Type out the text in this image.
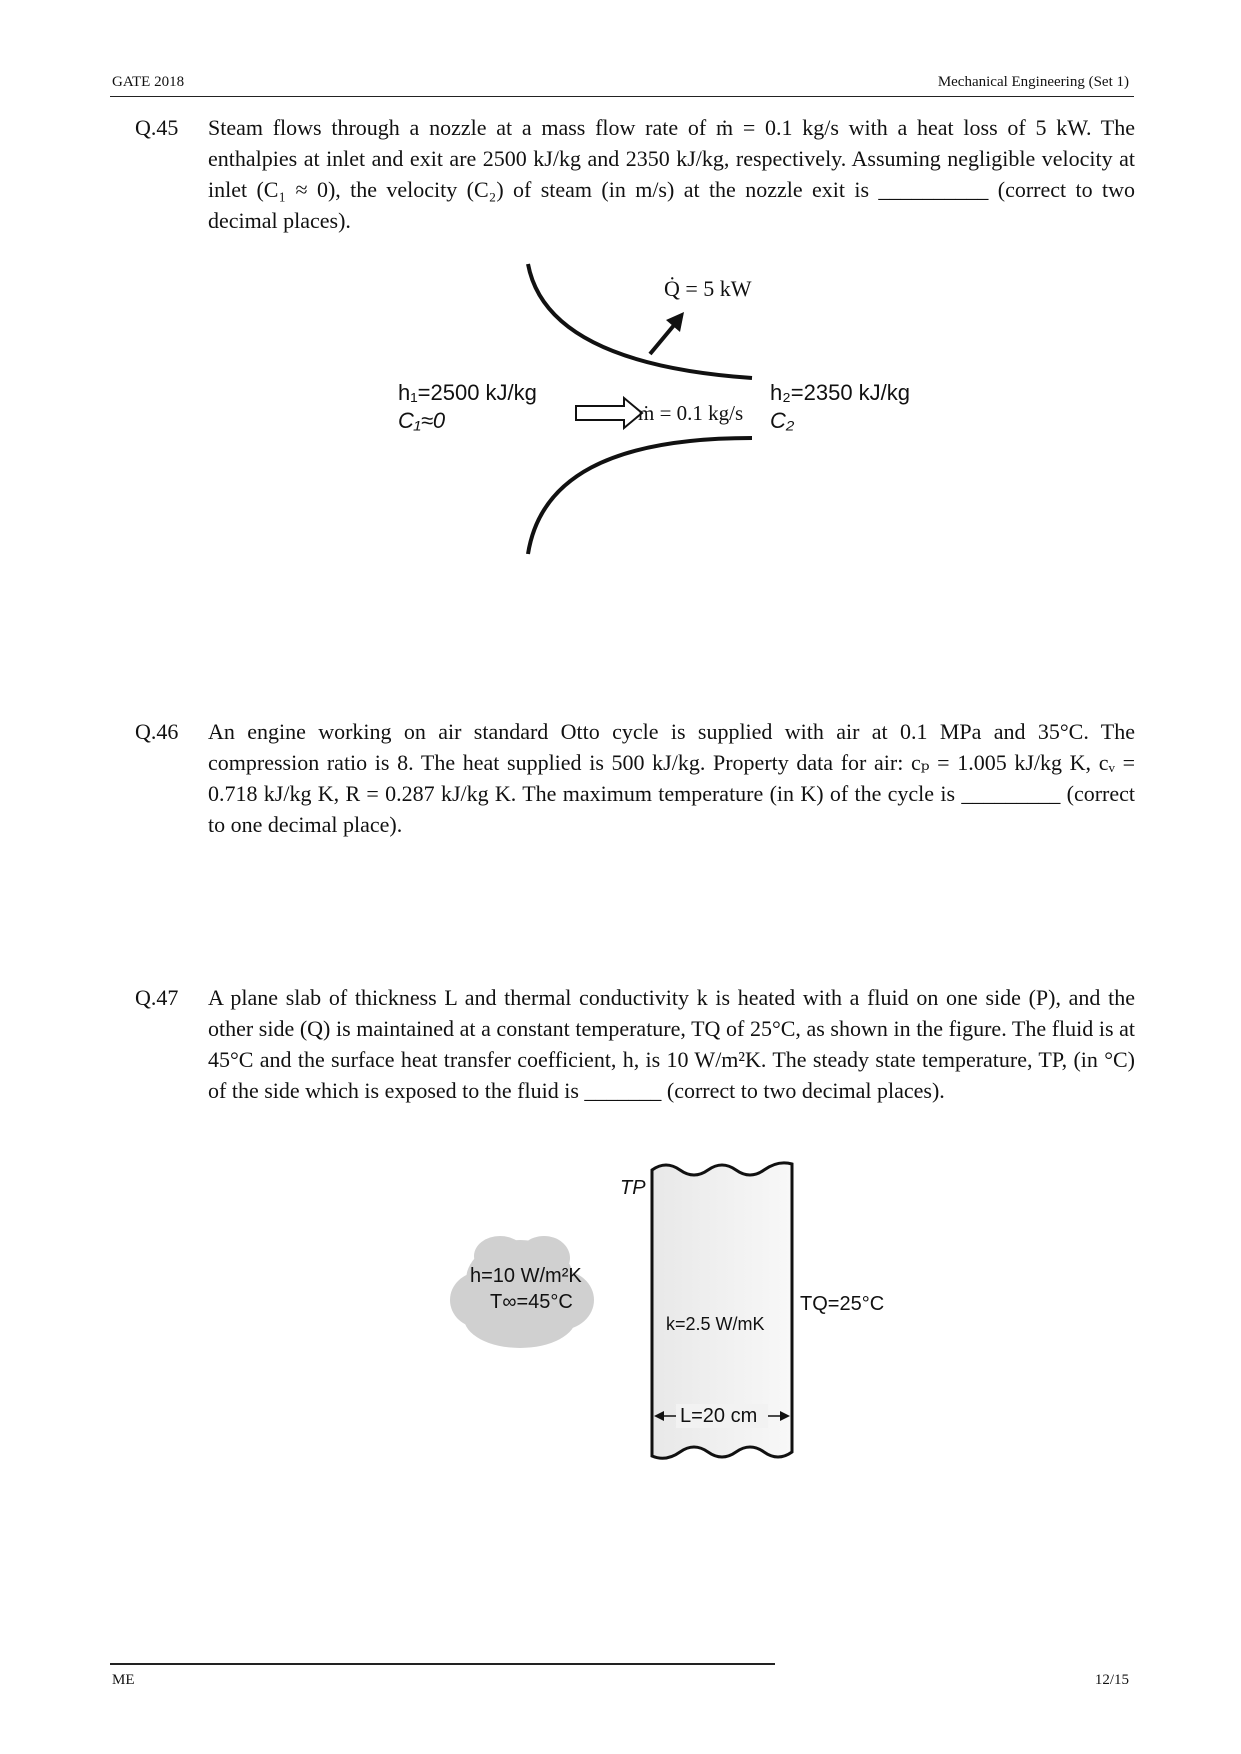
GATE 2018	Mechanical Engineering (Set 1)
Q.45 Steam flows through a nozzle at a mass flow rate of ṁ = 0.1 kg/s with a heat loss of 5 kW. The enthalpies at inlet and exit are 2500 kJ/kg and 2350 kJ/kg, respectively. Assuming negligible velocity at inlet (C₁ ≈ 0), the velocity (C₂) of steam (in m/s) at the nozzle exit is __________ (correct to two decimal places).
Q̇ = 5 kW
h₁=2500 kJ/kg
C₁≈0	ṁ = 0.1 kg/s
h₂=2350 kJ/kg
C₂
Q.46 An engine working on air standard Otto cycle is supplied with air at 0.1 MPa and 35°C. The compression ratio is 8. The heat supplied is 500 kJ/kg. Property data for air: cₚ = 1.005 kJ/kg K, cᵥ = 0.718 kJ/kg K, R = 0.287 kJ/kg K. The maximum temperature (in K) of the cycle is _________ (correct to one decimal place).
Q.47 A plane slab of thickness L and thermal conductivity k is heated with a fluid on one side (P), and the other side (Q) is maintained at a constant temperature, TQ of 25°C, as shown in the figure. The fluid is at 45°C and the surface heat transfer coefficient, h, is 10 W/m²K. The steady state temperature, TP, (in °C) of the side which is exposed to the fluid is _______ (correct to two decimal places).
TP
h=10 W/m²K
T∞=45°C	TQ=25°C
k=2.5 W/mK
L=20 cm
ME	12/15
